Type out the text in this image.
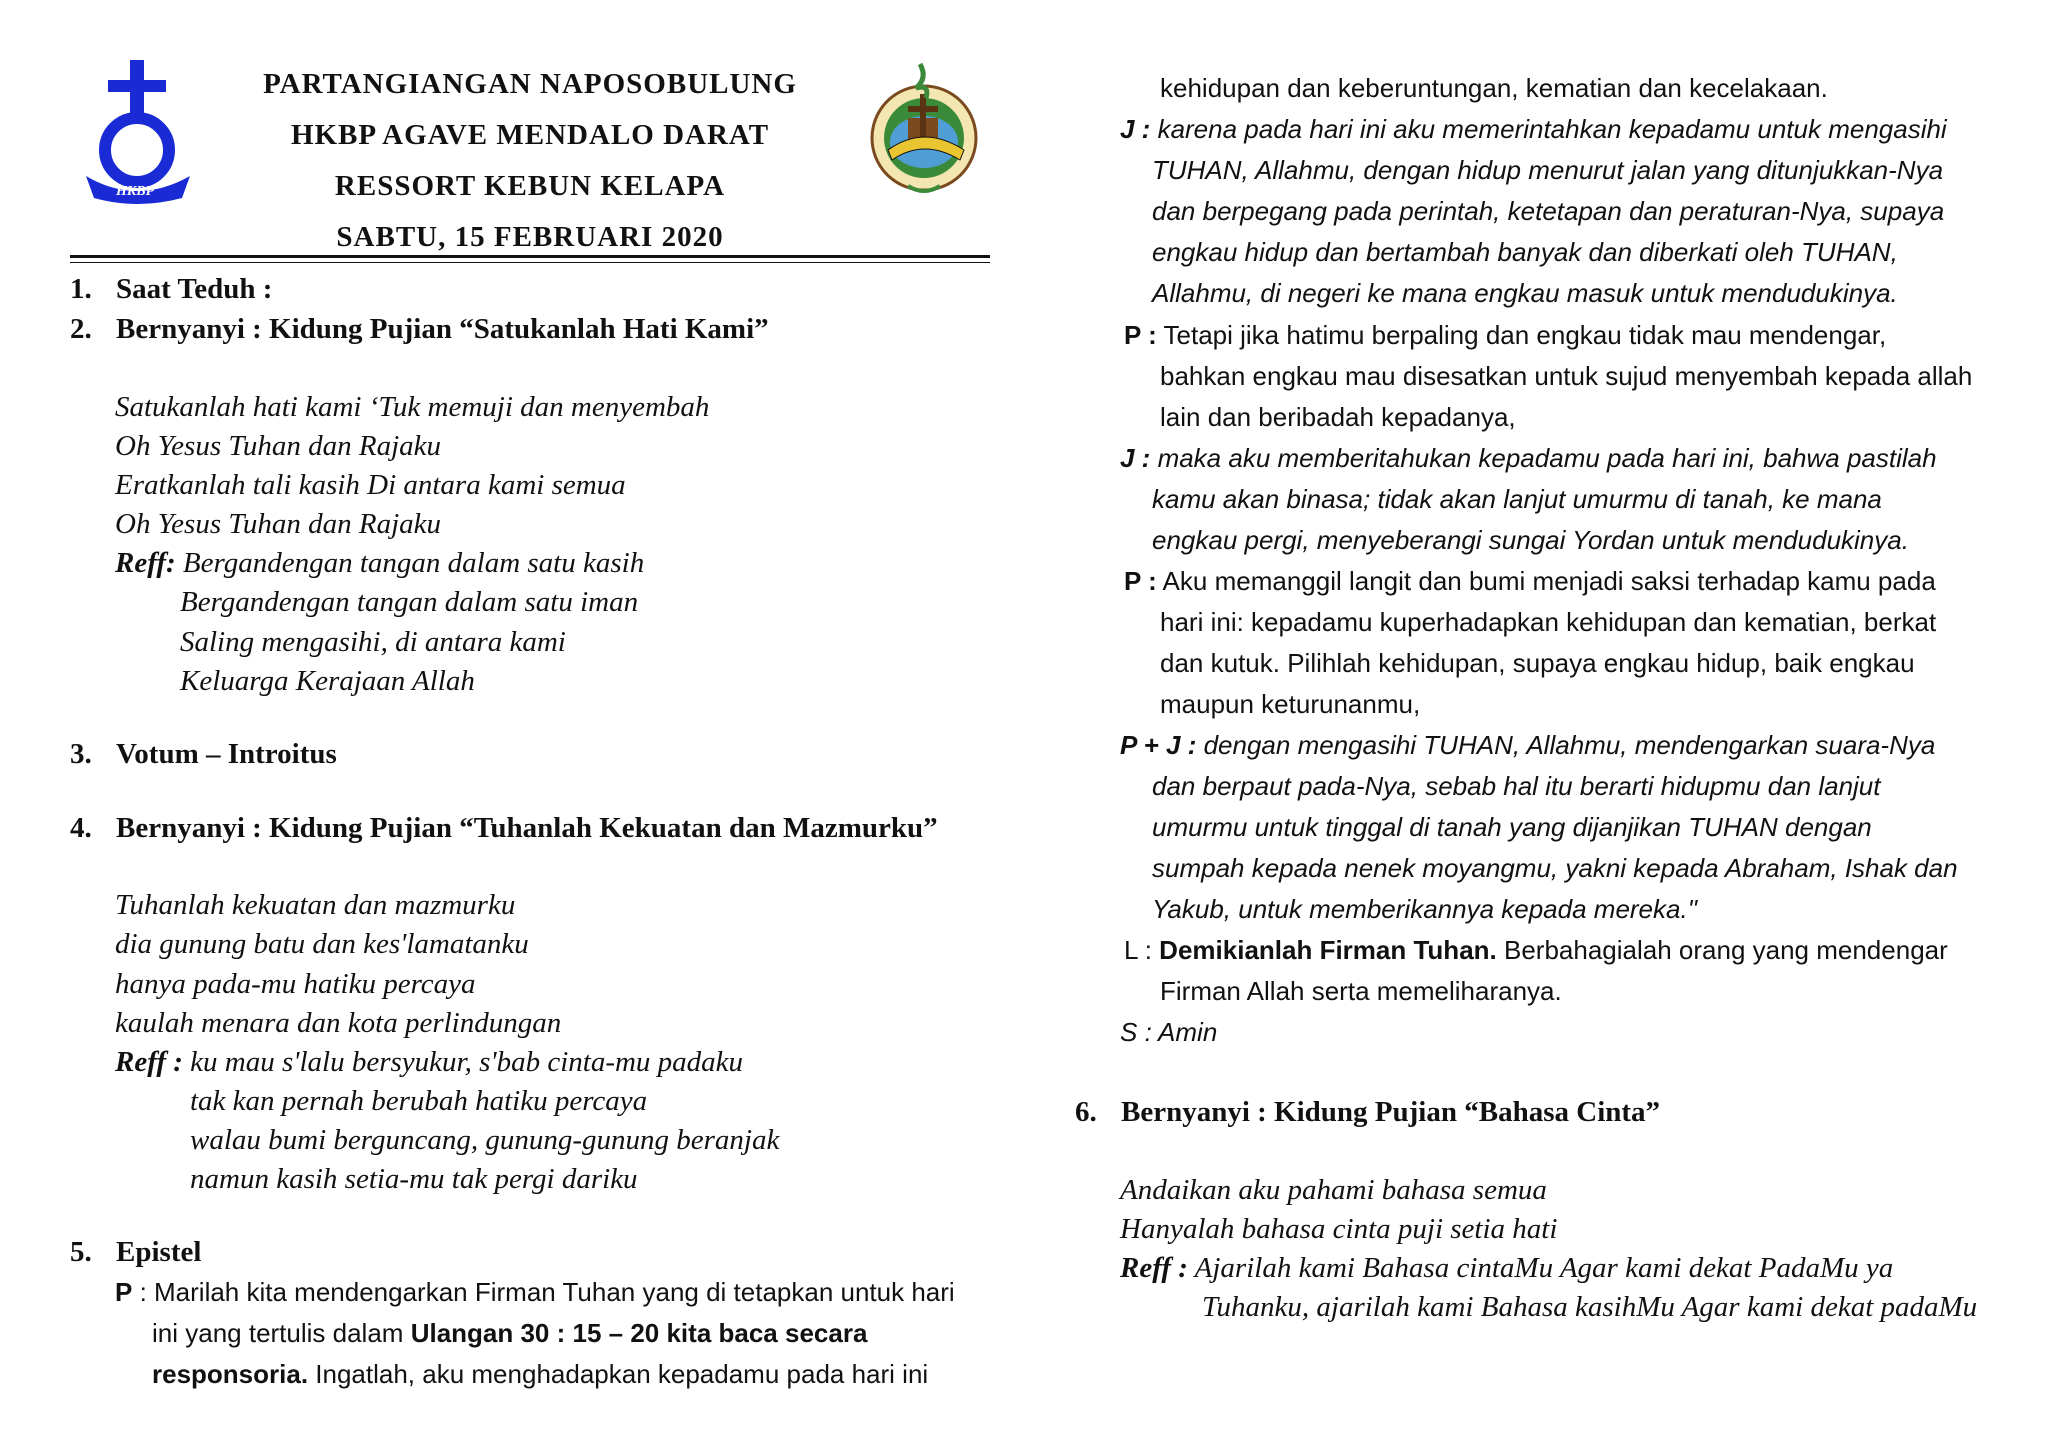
HKBP
PARTANGIANGAN NAPOSOBULUNG
HKBP AGAVE MENDALO DARAT
RESSORT KEBUN KELAPA
SABTU, 15 FEBRUARI 2020
1. Saat Teduh :
2. Bernyanyi : Kidung Pujian “Satukanlah Hati Kami”
Satukanlah hati kami ‘Tuk memuji dan menyembah
Oh Yesus Tuhan dan Rajaku
Eratkanlah tali kasih Di antara kami semua
Oh Yesus Tuhan dan Rajaku
Reff: Bergandengan tangan dalam satu kasih
Bergandengan tangan dalam satu iman
Saling mengasihi, di antara kami
Keluarga Kerajaan Allah
3. Votum – Introitus
4. Bernyanyi : Kidung Pujian “Tuhanlah Kekuatan dan Mazmurku”
Tuhanlah kekuatan dan mazmurku
dia gunung batu dan kes'lamatanku
hanya pada-mu hatiku percaya
kaulah menara dan kota perlindungan
Reff : ku mau s'lalu bersyukur, s'bab cinta-mu padaku
tak kan pernah berubah hatiku percaya
walau bumi berguncang, gunung-gunung beranjak
namun kasih setia-mu tak pergi dariku
5. Epistel
P : Marilah kita mendengarkan Firman Tuhan yang di tetapkan untuk hari
ini yang tertulis dalam Ulangan 30 : 15 – 20 kita baca secara
responsoria. Ingatlah, aku menghadapkan kepadamu pada hari ini
kehidupan dan keberuntungan, kematian dan kecelakaan.
J : karena pada hari ini aku memerintahkan kepadamu untuk mengasihi
TUHAN, Allahmu, dengan hidup menurut jalan yang ditunjukkan-Nya
dan berpegang pada perintah, ketetapan dan peraturan-Nya, supaya
engkau hidup dan bertambah banyak dan diberkati oleh TUHAN,
Allahmu, di negeri ke mana engkau masuk untuk mendudukinya.
P : Tetapi jika hatimu berpaling dan engkau tidak mau mendengar,
bahkan engkau mau disesatkan untuk sujud menyembah kepada allah
lain dan beribadah kepadanya,
J : maka aku memberitahukan kepadamu pada hari ini, bahwa pastilah
kamu akan binasa; tidak akan lanjut umurmu di tanah, ke mana
engkau pergi, menyeberangi sungai Yordan untuk mendudukinya.
P : Aku memanggil langit dan bumi menjadi saksi terhadap kamu pada
hari ini: kepadamu kuperhadapkan kehidupan dan kematian, berkat
dan kutuk. Pilihlah kehidupan, supaya engkau hidup, baik engkau
maupun keturunanmu,
P + J : dengan mengasihi TUHAN, Allahmu, mendengarkan suara-Nya
dan berpaut pada-Nya, sebab hal itu berarti hidupmu dan lanjut
umurmu untuk tinggal di tanah yang dijanjikan TUHAN dengan
sumpah kepada nenek moyangmu, yakni kepada Abraham, Ishak dan
Yakub, untuk memberikannya kepada mereka."
L : Demikianlah Firman Tuhan. Berbahagialah orang yang mendengar
Firman Allah serta memeliharanya.
S : Amin
6. Bernyanyi : Kidung Pujian “Bahasa Cinta”
Andaikan aku pahami bahasa semua
Hanyalah bahasa cinta puji setia hati
Reff : Ajarilah kami Bahasa cintaMu Agar kami dekat PadaMu ya
Tuhanku, ajarilah kami Bahasa kasihMu Agar kami dekat padaMu
